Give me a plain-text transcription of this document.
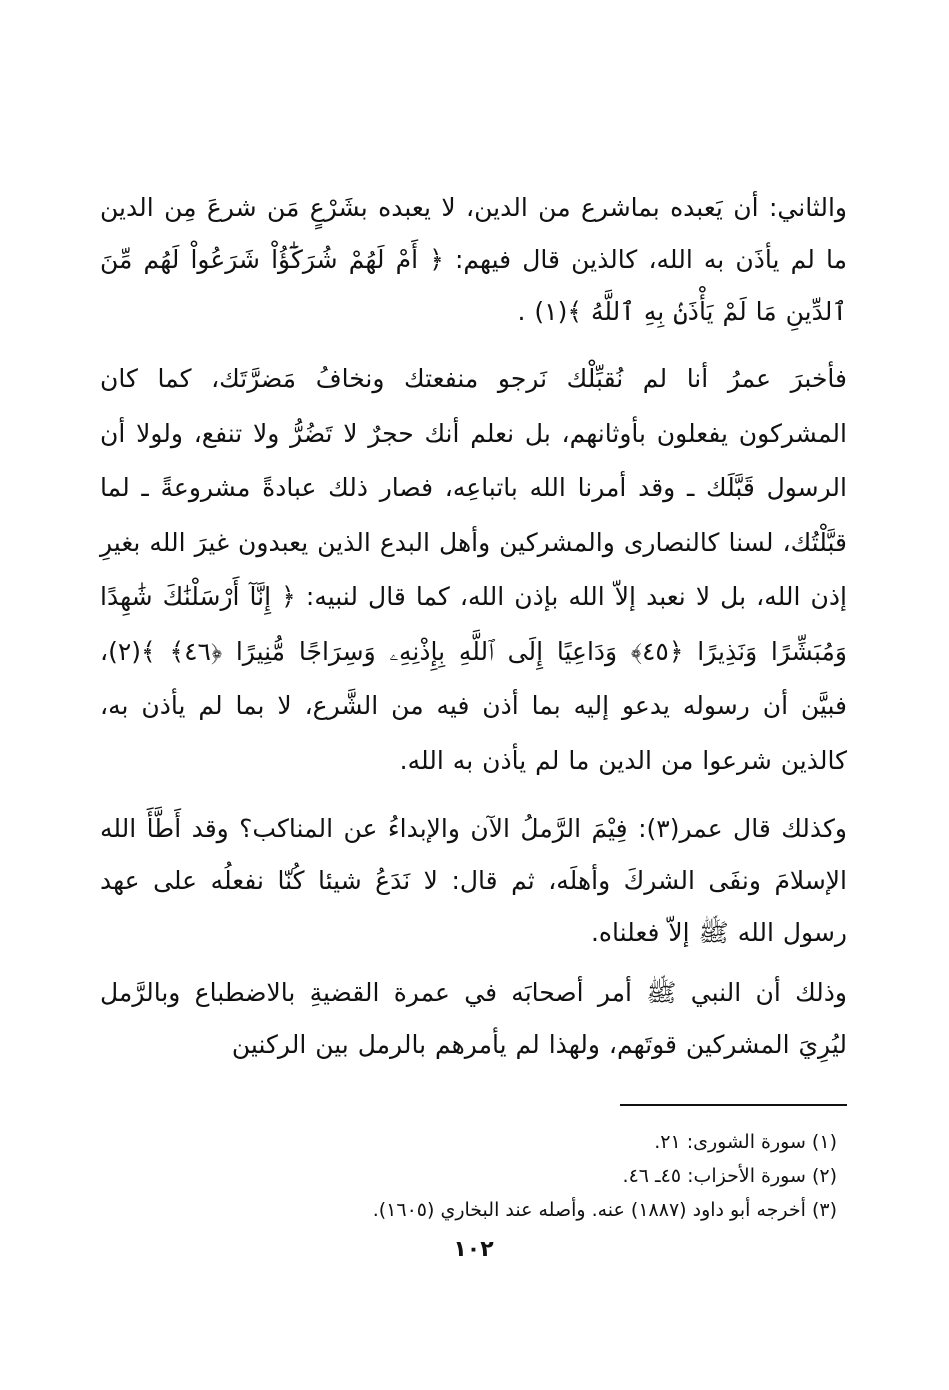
والثاني: أن يَعبده بماشرع من الدين، لا يعبده بشَرْعٍ مَن شرعَ مِن الدين ما لم يأذَن به الله، كالذين قال فيهم: ﴿ أَمْ لَهُمْ شُرَكَٰٓؤُاْ شَرَعُواْ لَهُم مِّنَ ٱلدِّينِ مَا لَمْ يَأْذَنۢ بِهِ ٱللَّهُ ﴾(١) .

فأخبرَ عمرُ أنا لم نُقبِّلْك نَرجو منفعتك ونخافُ مَضرَّتَك، كما كان المشركون يفعلون بأوثانهم، بل نعلم أنك حجرٌ لا تَضُرُّ ولا تنفع، ولولا أن الرسول قَبَّلَك ـ وقد أمرنا الله باتباعِه، فصار ذلك عبادةً مشروعةً ـ لما قبَّلْتُك، لسنا كالنصارى والمشركين وأهل البدع الذين يعبدون غيرَ الله بغيرِ إذن الله، بل لا نعبد إلاّ الله بإذن الله، كما قال لنبيه: ﴿ إِنَّآ أَرْسَلْنَٰكَ شَٰهِدًا وَمُبَشِّرًا وَنَذِيرًا ﴿٤٥﴾ وَدَاعِيًا إِلَى ٱللَّهِ بِإِذْنِهِۦ وَسِرَاجًا مُّنِيرًا ﴿٤٦﴾ ﴾(٢)، فبيَّن أن رسوله يدعو إليه بما أذن فيه من الشَّرع، لا بما لم يأذن به، كالذين شرعوا من الدين ما لم يأذن به الله.

وكذلك قال عمر(٣): فِيْمَ الرَّملُ الآن والإبداءُ عن المناكب؟ وقد أَطَّأَ الله الإسلامَ ونفَى الشركَ وأهلَه، ثم قال: لا نَدَعُ شيئا كُنّا نفعلُه على عهد رسول الله ﷺ إلاّ فعلناه.

وذلك أن النبي ﷺ أمر أصحابَه في عمرة القضيةِ بالاضطباع وبالرَّمل ليُرِيَ المشركين قوتَهم، ولهذا لم يأمرهم بالرمل بين الركنين

(١) سورة الشورى: ٢١.
(٢) سورة الأحزاب: ٤٥ـ ٤٦.
(٣) أخرجه أبو داود (١٨٨٧) عنه. وأصله عند البخاري (١٦٠٥).
١٠٢
